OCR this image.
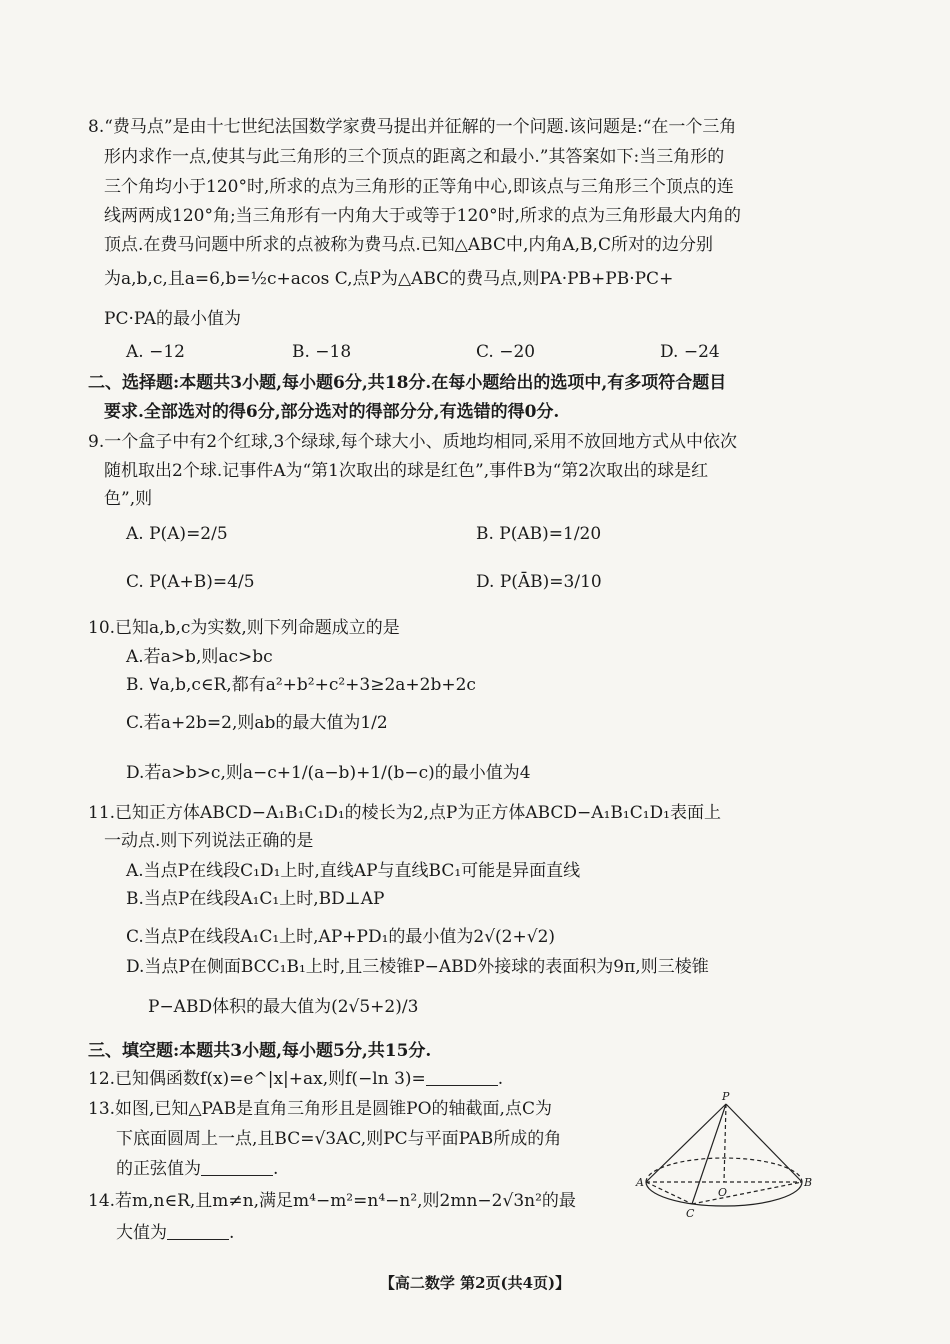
8.“费马点”是由十七世纪法国数学家费马提出并征解的一个问题.该问题是:“在一个三角
形内求作一点,使其与此三角形的三个顶点的距离之和最小.”其答案如下:当三角形的
三个角均小于120°时,所求的点为三角形的正等角中心,即该点与三角形三个顶点的连
线两两成120°角;当三角形有一内角大于或等于120°时,所求的点为三角形最大内角的
顶点.在费马问题中所求的点被称为费马点.已知△ABC中,内角A,B,C所对的边分别
为a,b,c,且a=6,b=½c+acos C,点P为△ABC的费马点,则PA·PB+PB·PC+
PC·PA的最小值为
A. −12	B. −18	C. −20	D. −24
二、选择题:本题共3小题,每小题6分,共18分.在每小题给出的选项中,有多项符合题目
要求.全部选对的得6分,部分选对的得部分分,有选错的得0分.
9.一个盒子中有2个红球,3个绿球,每个球大小、质地均相同,采用不放回地方式从中依次
随机取出2个球.记事件A为“第1次取出的球是红色”,事件B为“第2次取出的球是红
色”,则
A. P(A)=2/5	B. P(AB)=1/20
C. P(A+B)=4/5	D. P(ĀB)=3/10
10.已知a,b,c为实数,则下列命题成立的是
A.若a>b,则ac>bc
B. ∀a,b,c∈R,都有a²+b²+c²+3≥2a+2b+2c
C.若a+2b=2,则ab的最大值为1/2
D.若a>b>c,则a−c+1/(a−b)+1/(b−c)的最小值为4
11.已知正方体ABCD−A₁B₁C₁D₁的棱长为2,点P为正方体ABCD−A₁B₁C₁D₁表面上
一动点.则下列说法正确的是
A.当点P在线段C₁D₁上时,直线AP与直线BC₁可能是异面直线
B.当点P在线段A₁C₁上时,BD⊥AP
C.当点P在线段A₁C₁上时,AP+PD₁的最小值为2√(2+√2)
D.当点P在侧面BCC₁B₁上时,且三棱锥P−ABD外接球的表面积为9π,则三棱锥
P−ABD体积的最大值为(2√5+2)/3
三、填空题:本题共3小题,每小题5分,共15分.
12.已知偶函数f(x)=e^|x|+ax,则f(−ln 3)=	.
13.如图,已知△PAB是直角三角形且是圆锥PO的轴截面,点C为
下底面圆周上一点,且BC=√3AC,则PC与平面PAB所成的角
的正弦值为	.
14.若m,n∈R,且m≠n,满足m⁴−m²=n⁴−n²,则2mn−2√3n²的最
大值为	.
P
A	B
O
C
【高二数学 第2页(共4页)】
